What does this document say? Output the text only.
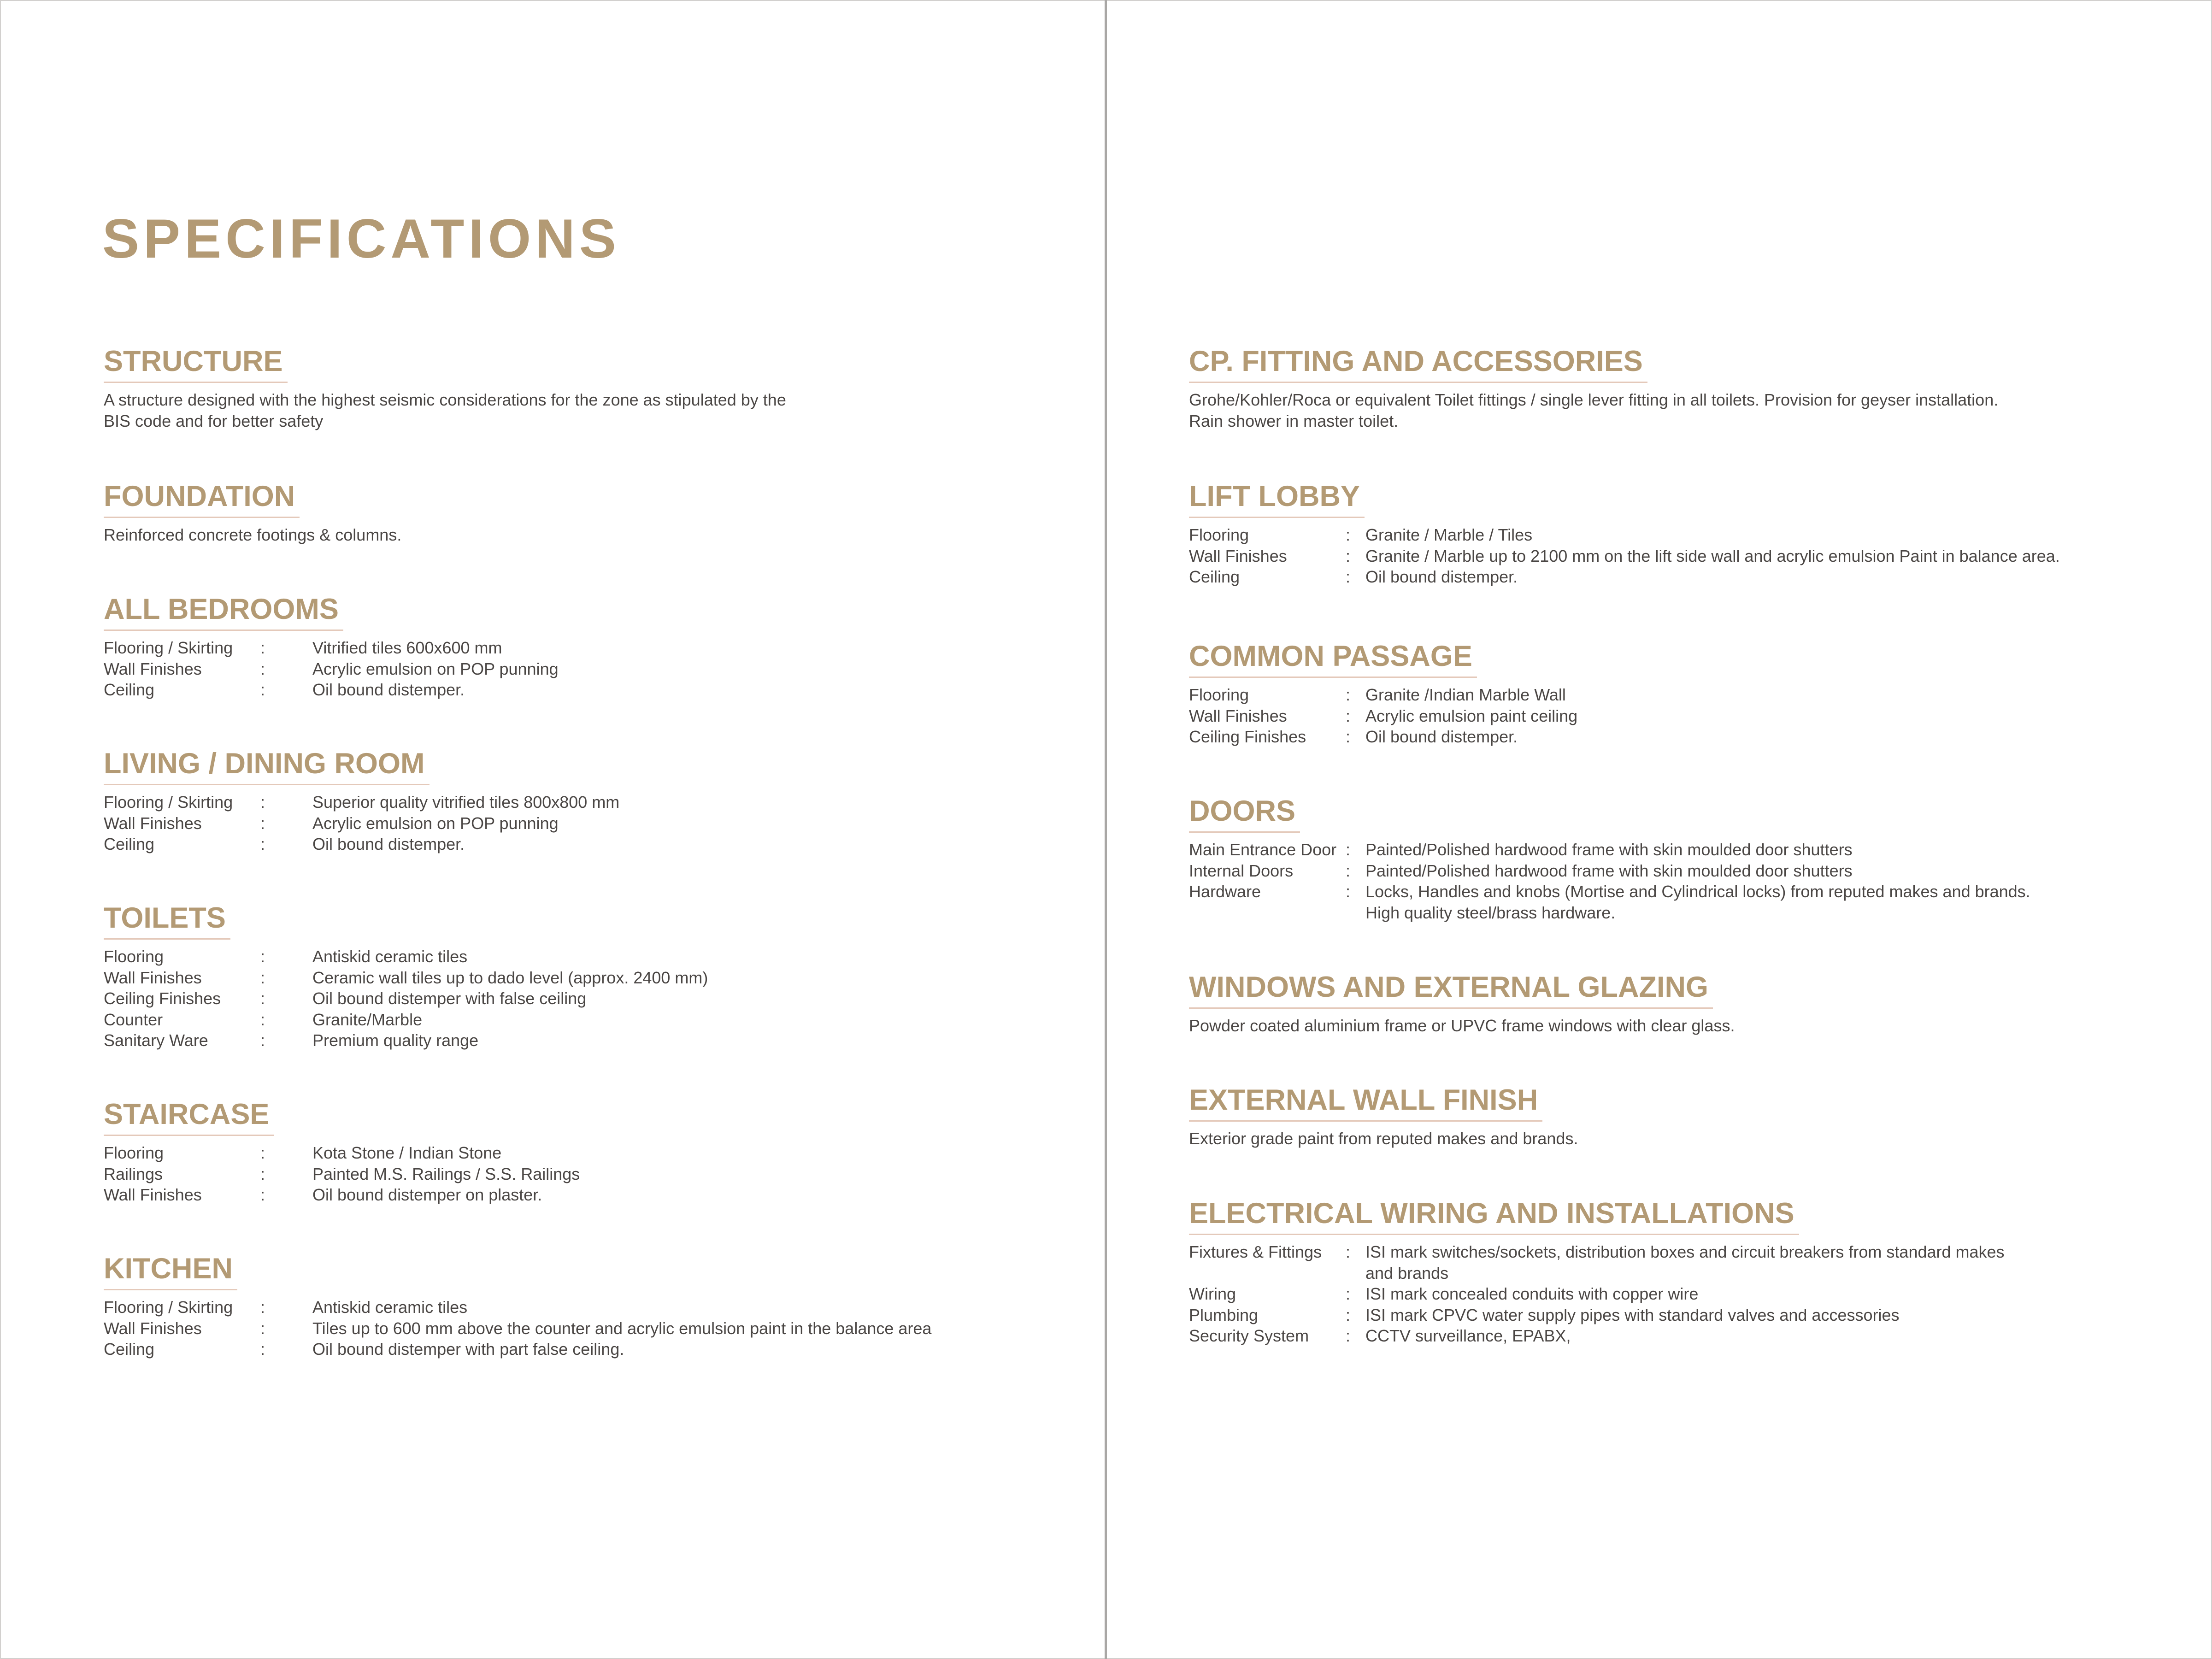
SPECIFICATIONS
STRUCTURE

A structure designed with the highest seismic considerations for the zone as stipulated by the
BIS code and for better safety

FOUNDATION

Reinforced concrete footings & columns.

ALL BEDROOMS
Flooring / Skirting	:	Vitrified tiles 600x600 mm
Wall Finishes	:	Acrylic emulsion on POP punning
Ceiling	:	Oil bound distemper.
LIVING / DINING ROOM
Flooring / Skirting	:	Superior quality vitrified tiles 800x800 mm
Wall Finishes	:	Acrylic emulsion on POP punning
Ceiling	:	Oil bound distemper.
TOILETS
Flooring	:	Antiskid ceramic tiles
Wall Finishes	:	Ceramic wall tiles up to dado level (approx. 2400 mm)
Ceiling Finishes	:	Oil bound distemper with false ceiling
Counter	:	Granite/Marble
Sanitary Ware	:	Premium quality range
STAIRCASE
Flooring	:	Kota Stone / Indian Stone
Railings	:	Painted M.S. Railings / S.S. Railings
Wall Finishes	:	Oil bound distemper on plaster.
KITCHEN
Flooring / Skirting	:	Antiskid ceramic tiles
Wall Finishes	:	Tiles up to 600 mm above the counter and acrylic emulsion paint in the balance area
Ceiling	:	Oil bound distemper with part false ceiling.
CP. FITTING AND ACCESSORIES

Grohe/Kohler/Roca or equivalent Toilet fittings / single lever fitting in all toilets. Provision for geyser installation.
Rain shower in master toilet.

LIFT LOBBY
Flooring	: Granite / Marble / Tiles
Wall Finishes	: Granite / Marble up to 2100 mm on the lift side wall and acrylic emulsion Paint in balance area.
Ceiling	: Oil bound distemper.
COMMON PASSAGE
Flooring	: Granite /Indian Marble Wall
Wall Finishes	: Acrylic emulsion paint ceiling
Ceiling Finishes	: Oil bound distemper.
DOORS
Main Entrance Door : Painted/Polished hardwood frame with skin moulded door shutters
Internal Doors	: Painted/Polished hardwood frame with skin moulded door shutters
Hardware	: Locks, Handles and knobs (Mortise and Cylindrical locks) from reputed makes and brands.
High quality steel/brass hardware.
WINDOWS AND EXTERNAL GLAZING

Powder coated aluminium frame or UPVC frame windows with clear glass.

EXTERNAL WALL FINISH

Exterior grade paint from reputed makes and brands.

ELECTRICAL WIRING AND INSTALLATIONS
Fixtures & Fittings	: ISI mark switches/sockets, distribution boxes and circuit breakers from standard makes
and brands
Wiring	: ISI mark concealed conduits with copper wire
Plumbing	: ISI mark CPVC water supply pipes with standard valves and accessories
Security System	: CCTV surveillance, EPABX,
